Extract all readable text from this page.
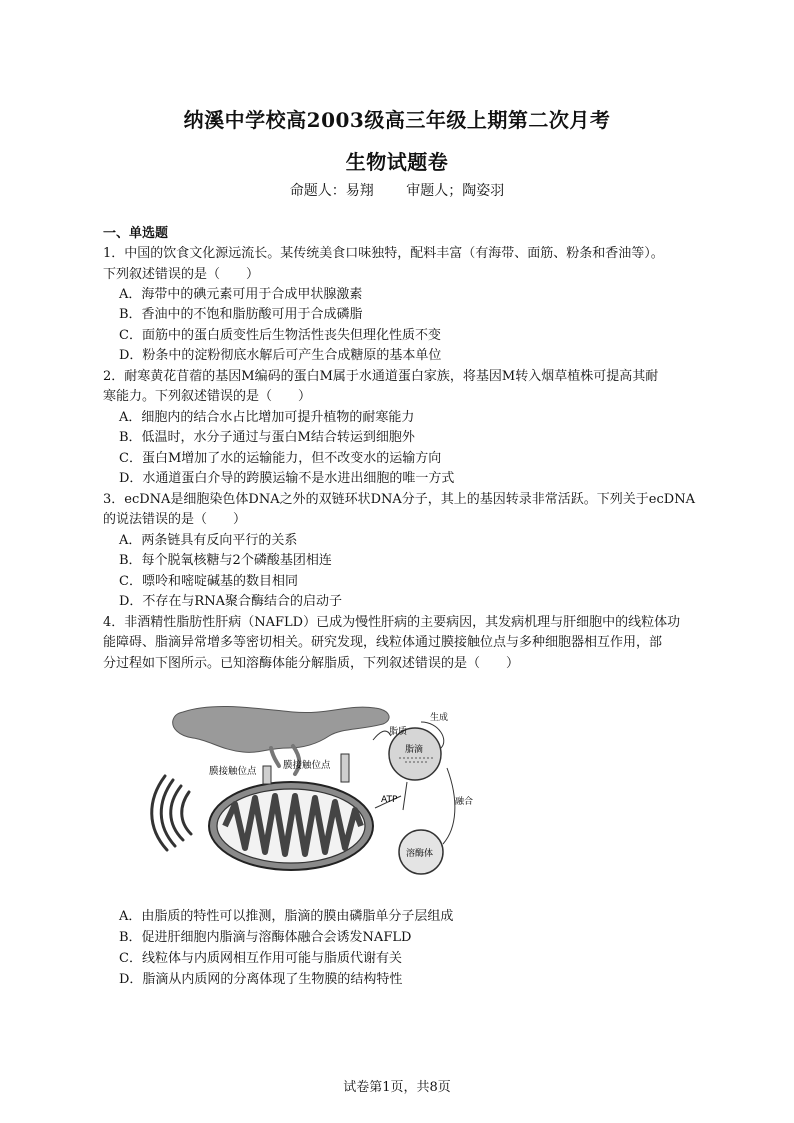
纳溪中学校高2003级高三年级上期第二次月考
生物试题卷
命题人：易翔 审题人；陶姿羽
一、单选题
1．中国的饮食文化源远流长。某传统美食口味独特，配料丰富（有海带、面筋、粉条和香油等）。
下列叙述错误的是（　　）
A．海带中的碘元素可用于合成甲状腺激素
B．香油中的不饱和脂肪酸可用于合成磷脂
C．面筋中的蛋白质变性后生物活性丧失但理化性质不变
D．粉条中的淀粉彻底水解后可产生合成糖原的基本单位
2．耐寒黄花苜蓿的基因M编码的蛋白M属于水通道蛋白家族，将基因M转入烟草植株可提高其耐
寒能力。下列叙述错误的是（　　）
A．细胞内的结合水占比增加可提升植物的耐寒能力
B．低温时，水分子通过与蛋白M结合转运到细胞外
C．蛋白M增加了水的运输能力，但不改变水的运输方向
D．水通道蛋白介导的跨膜运输不是水进出细胞的唯一方式
3．ecDNA是细胞染色体DNA之外的双链环状DNA分子，其上的基因转录非常活跃。下列关于ecDNA
的说法错误的是（　　）
A．两条链具有反向平行的关系
B．每个脱氧核糖与2个磷酸基团相连
C．嘌呤和嘧啶碱基的数目相同
D．不存在与RNA聚合酶结合的启动子
4．非酒精性脂肪性肝病（NAFLD）已成为慢性肝病的主要病因，其发病机理与肝细胞中的线粒体功
能障碍、脂滴异常增多等密切相关。研究发现，线粒体通过膜接触位点与多种细胞器相互作用，部
分过程如下图所示。已知溶酶体能分解脂质，下列叙述错误的是（　　）
膜接触位点
膜接触位点
脂质
生成
脂滴
ATP	融合
溶酶体
A．由脂质的特性可以推测，脂滴的膜由磷脂单分子层组成
B．促进肝细胞内脂滴与溶酶体融合会诱发NAFLD
C．线粒体与内质网相互作用可能与脂质代谢有关
D．脂滴从内质网的分离体现了生物膜的结构特性
试卷第1页，共8页
